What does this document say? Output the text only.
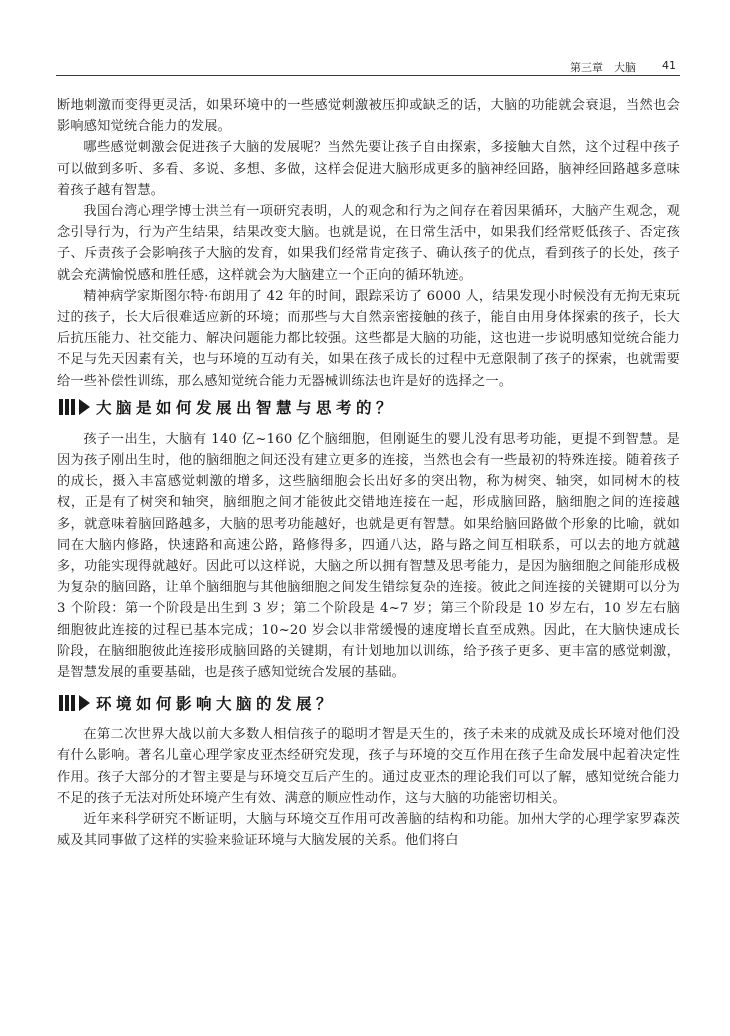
第三章　大脑 41

断地刺激而变得更灵活，如果环境中的一些感觉刺激被压抑或缺乏的话，大脑的功能就会衰退，当然也会影响感知觉统合能力的发展。

哪些感觉刺激会促进孩子大脑的发展呢？当然先要让孩子自由探索，多接触大自然，这个过程中孩子可以做到多听、多看、多说、多想、多做，这样会促进大脑形成更多的脑神经回路，脑神经回路越多意味着孩子越有智慧。

我国台湾心理学博士洪兰有一项研究表明，人的观念和行为之间存在着因果循环，大脑产生观念，观念引导行为，行为产生结果，结果改变大脑。也就是说，在日常生活中，如果我们经常贬低孩子、否定孩子、斥责孩子会影响孩子大脑的发育，如果我们经常肯定孩子、确认孩子的优点，看到孩子的长处，孩子就会充满愉悦感和胜任感，这样就会为大脑建立一个正向的循环轨迹。

精神病学家斯图尔特·布朗用了 42 年的时间，跟踪采访了 6000 人，结果发现小时候没有无拘无束玩过的孩子，长大后很难适应新的环境；而那些与大自然亲密接触的孩子，能自由用身体探索的孩子，长大后抗压能力、社交能力、解决问题能力都比较强。这些都是大脑的功能，这也进一步说明感知觉统合能力不足与先天因素有关，也与环境的互动有关，如果在孩子成长的过程中无意限制了孩子的探索，也就需要给一些补偿性训练，那么感知觉统合能力无器械训练法也许是好的选择之一。

大脑是如何发展出智慧与思考的？

孩子一出生，大脑有 140 亿~160 亿个脑细胞，但刚诞生的婴儿没有思考功能，更提不到智慧。是因为孩子刚出生时，他的脑细胞之间还没有建立更多的连接，当然也会有一些最初的特殊连接。随着孩子的成长，摄入丰富感觉刺激的增多，这些脑细胞会长出好多的突出物，称为树突、轴突，如同树木的枝杈，正是有了树突和轴突，脑细胞之间才能彼此交错地连接在一起，形成脑回路，脑细胞之间的连接越多，就意味着脑回路越多，大脑的思考功能越好，也就是更有智慧。如果给脑回路做个形象的比喻，就如同在大脑内修路，快速路和高速公路，路修得多，四通八达，路与路之间互相联系，可以去的地方就越多，功能实现得就越好。因此可以这样说，大脑之所以拥有智慧及思考能力，是因为脑细胞之间能形成极为复杂的脑回路，让单个脑细胞与其他脑细胞之间发生错综复杂的连接。彼此之间连接的关键期可以分为 3 个阶段：第一个阶段是出生到 3 岁；第二个阶段是 4~7 岁；第三个阶段是 10 岁左右，10 岁左右脑细胞彼此连接的过程已基本完成；10~20 岁会以非常缓慢的速度增长直至成熟。因此，在大脑快速成长阶段，在脑细胞彼此连接形成脑回路的关键期，有计划地加以训练，给予孩子更多、更丰富的感觉刺激，是智慧发展的重要基础，也是孩子感知觉统合发展的基础。

环境如何影响大脑的发展？

在第二次世界大战以前大多数人相信孩子的聪明才智是天生的，孩子未来的成就及成长环境对他们没有什么影响。著名儿童心理学家皮亚杰经研究发现，孩子与环境的交互作用在孩子生命发展中起着决定性作用。孩子大部分的才智主要是与环境交互后产生的。通过皮亚杰的理论我们可以了解，感知觉统合能力不足的孩子无法对所处环境产生有效、满意的顺应性动作，这与大脑的功能密切相关。

近年来科学研究不断证明，大脑与环境交互作用可改善脑的结构和功能。加州大学的心理学家罗森茨威及其同事做了这样的实验来验证环境与大脑发展的关系。他们将白
